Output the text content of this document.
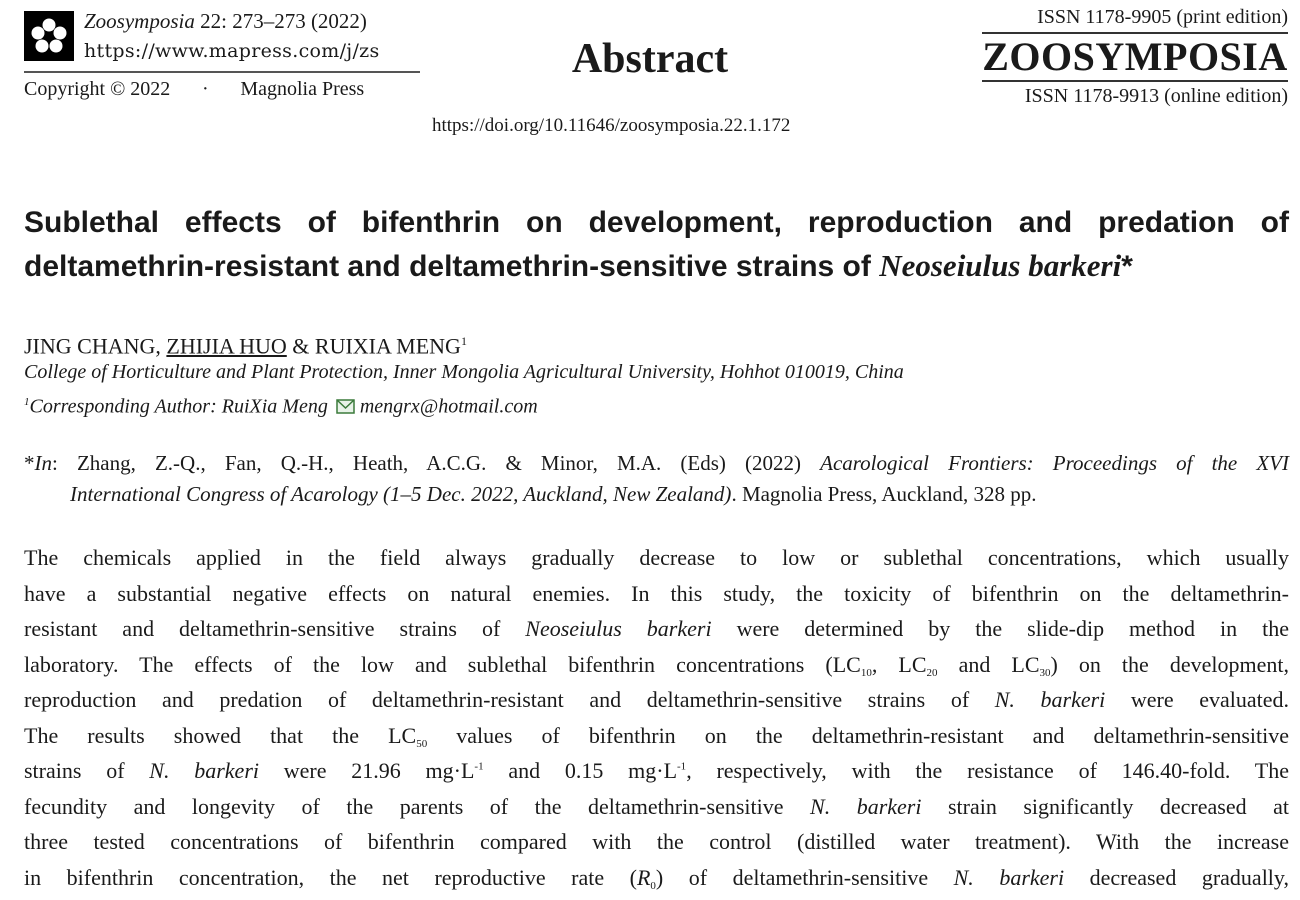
Zoosymposia 22: 273–273 (2022)
https://www.mapress.com/j/zs
Copyright © 2022 · Magnolia Press
Abstract
https://doi.org/10.11646/zoosymposia.22.1.172
ISSN 1178-9905 (print edition)
ZOOSYMPOSIA
ISSN 1178-9913 (online edition)
Sublethal effects of bifenthrin on development, reproduction and predation of
deltamethrin-resistant and deltamethrin-sensitive strains of Neoseiulus barkeri*
JING CHANG, ZHIJIA HUO & RUIXIA MENG$^1$
College of Horticulture and Plant Protection, Inner Mongolia Agricultural University, Hohhot 010019, China
$^1$Corresponding Author: RuiXia Meng mengrx@hotmail.com
*In: Zhang, Z.-Q., Fan, Q.-H., Heath, A.C.G. & Minor, M.A. (Eds) (2022) Acarological Frontiers: Proceedings of the XVI
International Congress of Acarology (1–5 Dec. 2022, Auckland, New Zealand). Magnolia Press, Auckland, 328 pp.
The chemicals applied in the field always gradually decrease to low or sublethal concentrations, which usually
have a substantial negative effects on natural enemies. In this study, the toxicity of bifenthrin on the deltamethrin-
resistant and deltamethrin-sensitive strains of Neoseiulus barkeri were determined by the slide-dip method in the
laboratory. The effects of the low and sublethal bifenthrin concentrations ($LC_{10}$, $LC_{20}$ and $LC_{30}$) on the development,
reproduction and predation of deltamethrin-resistant and deltamethrin-sensitive strains of N. barkeri were evaluated.
The results showed that the $LC_{50}$ values of bifenthrin on the deltamethrin-resistant and deltamethrin-sensitive
strains of N. barkeri were 21.96 $mg\cdot L^{-1}$ and 0.15 $mg\cdot L^{-1}$, respectively, with the resistance of 146.40-fold. The
fecundity and longevity of the parents of the deltamethrin-sensitive N. barkeri strain significantly decreased at
three tested concentrations of bifenthrin compared with the control (distilled water treatment). With the increase
in bifenthrin concentration, the net reproductive rate $(R_0)$ of deltamethrin-sensitive N. barkeri decreased gradually,
